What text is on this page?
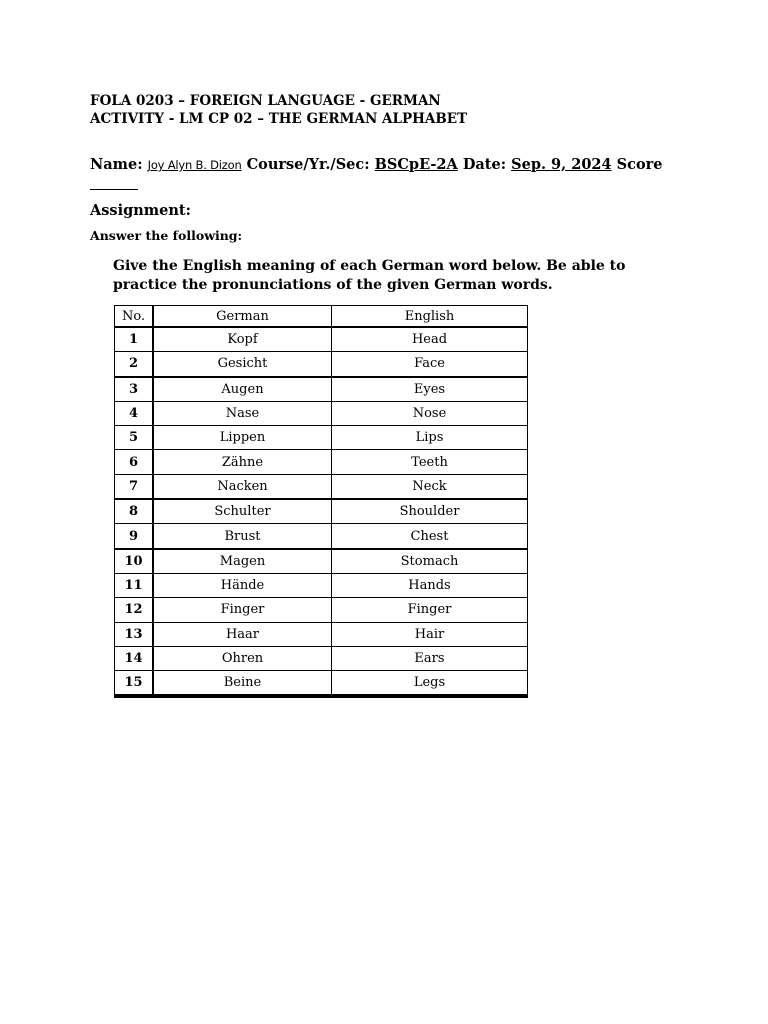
FOLA 0203 – FOREIGN LANGUAGE - GERMAN
ACTIVITY - LM CP 02 – THE GERMAN ALPHABET
Name: Joy Alyn B. Dizon Course/Yr./Sec: BSCpE-2A Date: Sep. 9, 2024 Score
Assignment:
Answer the following:
Give the English meaning of each German word below. Be able to practice the pronunciations of the given German words.
No.	German	English
1	Kopf	Head
2	Gesicht	Face
3	Augen	Eyes
4	Nase	Nose
5	Lippen	Lips
6	Zähne	Teeth
7	Nacken	Neck
8	Schulter	Shoulder
9	Brust	Chest
10	Magen	Stomach
11	Hände	Hands
12	Finger	Finger
13	Haar	Hair
14	Ohren	Ears
15	Beine	Legs
